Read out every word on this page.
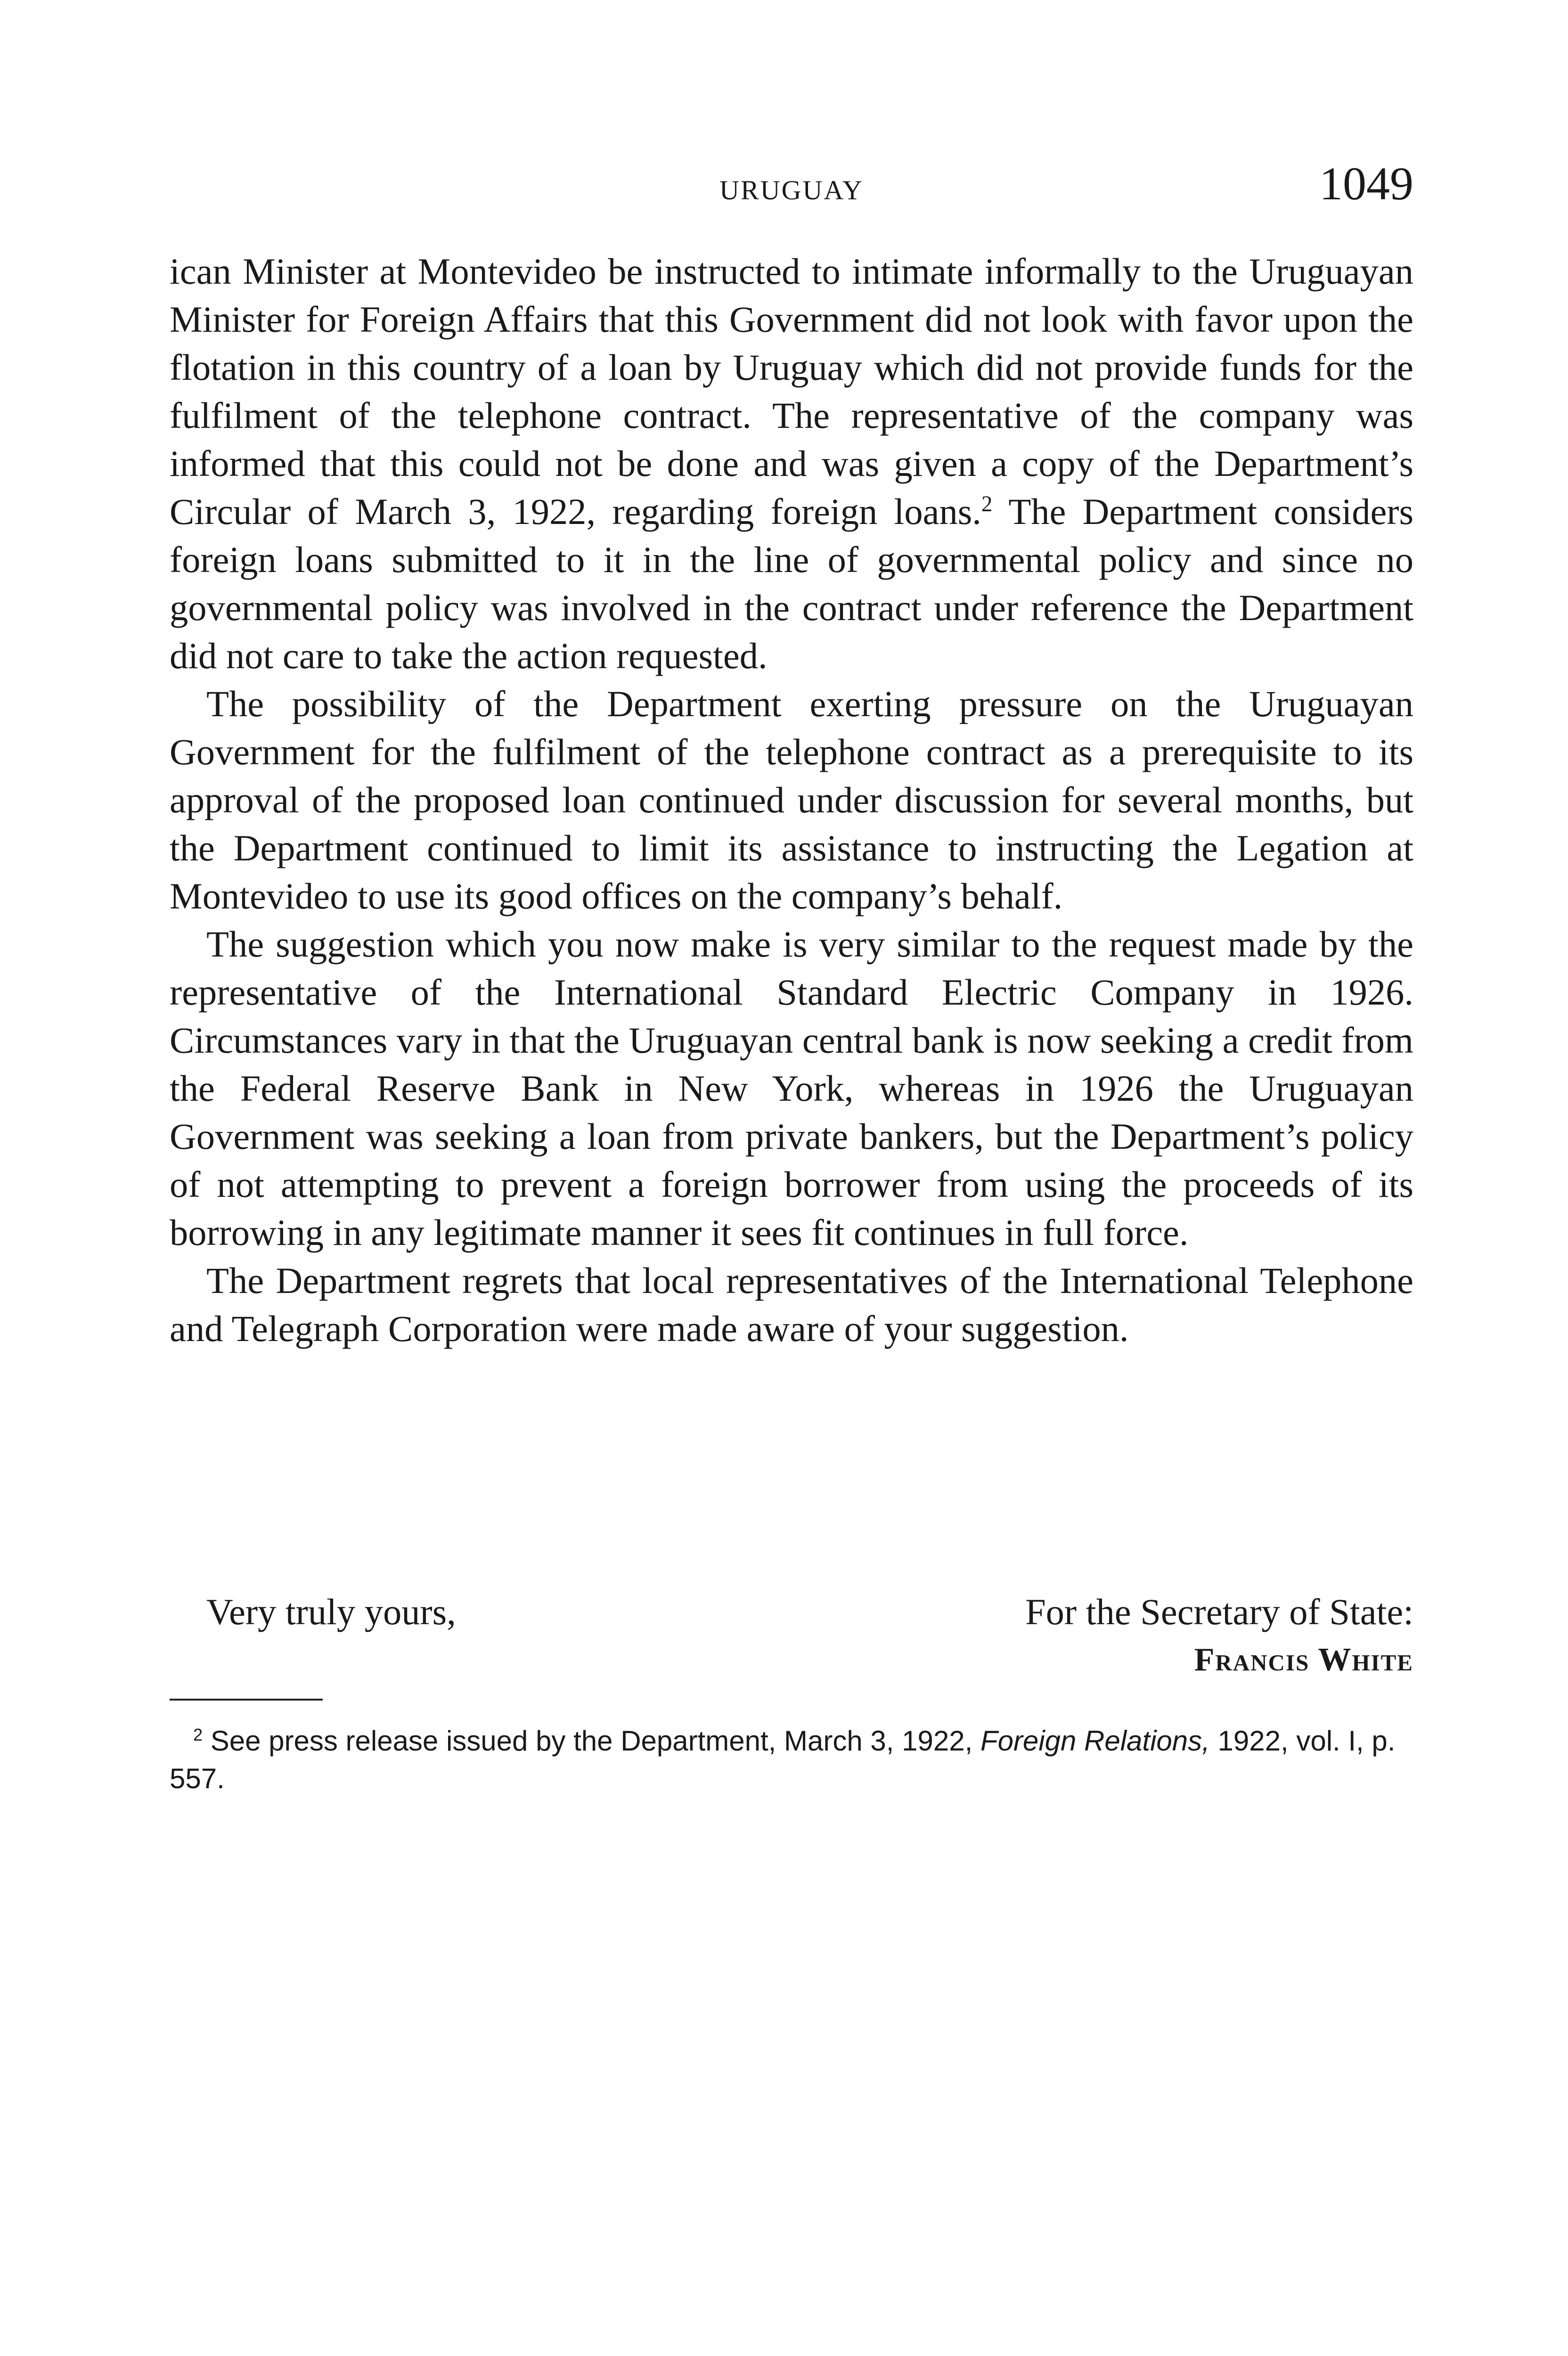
URUGUAY	1049

ican Minister at Montevideo be instructed to intimate informally to the Uruguayan Minister for Foreign Affairs that this Government did not look with favor upon the flotation in this country of a loan by Uruguay which did not provide funds for the fulfilment of the telephone contract. The representative of the company was informed that this could not be done and was given a copy of the Department’s Circular of March 3, 1922, regarding foreign loans.$^2$ The Department considers foreign loans submitted to it in the line of governmental policy and since no governmental policy was involved in the contract under reference the Department did not care to take the action requested.

The possibility of the Department exerting pressure on the Uruguayan Government for the fulfilment of the telephone contract as a prerequisite to its approval of the proposed loan continued under discussion for several months, but the Department continued to limit its assistance to instructing the Legation at Montevideo to use its good offices on the company’s behalf.

The suggestion which you now make is very similar to the request made by the representative of the International Standard Electric Company in 1926. Circumstances vary in that the Uruguayan central bank is now seeking a credit from the Federal Reserve Bank in New York, whereas in 1926 the Uruguayan Government was seeking a loan from private bankers, but the Department’s policy of not attempting to prevent a foreign borrower from using the proceeds of its borrowing in any legitimate manner it sees fit continues in full force.

The Department regrets that local representatives of the International Telephone and Telegraph Corporation were made aware of your suggestion.

Very truly yours,	For the Secretary of State:
Francis White
$^2$ See press release issued by the Department, March 3, 1922, Foreign Relations, 1922, vol. I, p. 557.
